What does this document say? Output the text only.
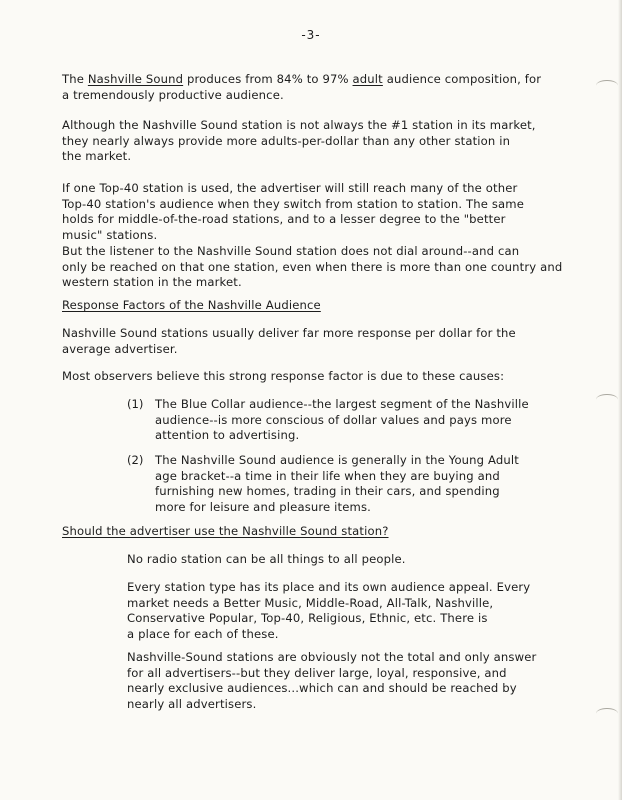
-3-
The Nashville Sound produces from 84% to 97% adult audience composition, for
a tremendously productive audience.
Although the Nashville Sound station is not always the #1 station in its market,
they nearly always provide more adults-per-dollar than any other station in
the market.
If one Top-40 station is used, the advertiser will still reach many of the other
Top-40 station's audience when they switch from station to station. The same
holds for middle-of-the-road stations, and to a lesser degree to the "better
music" stations.
But the listener to the Nashville Sound station does not dial around--and can
only be reached on that one station, even when there is more than one country and
western station in the market.
Response Factors of the Nashville Audience
Nashville Sound stations usually deliver far more response per dollar for the
average advertiser.
Most observers believe this strong response factor is due to these causes:
(1) The Blue Collar audience--the largest segment of the Nashville
audience--is more conscious of dollar values and pays more
attention to advertising.
(2) The Nashville Sound audience is generally in the Young Adult
age bracket--a time in their life when they are buying and
furnishing new homes, trading in their cars, and spending
more for leisure and pleasure items.
Should the advertiser use the Nashville Sound station?
No radio station can be all things to all people.
Every station type has its place and its own audience appeal. Every
market needs a Better Music, Middle-Road, All-Talk, Nashville,
Conservative Popular, Top-40, Religious, Ethnic, etc. There is
a place for each of these.
Nashville-Sound stations are obviously not the total and only answer
for all advertisers--but they deliver large, loyal, responsive, and
nearly exclusive audiences...which can and should be reached by
nearly all advertisers.
